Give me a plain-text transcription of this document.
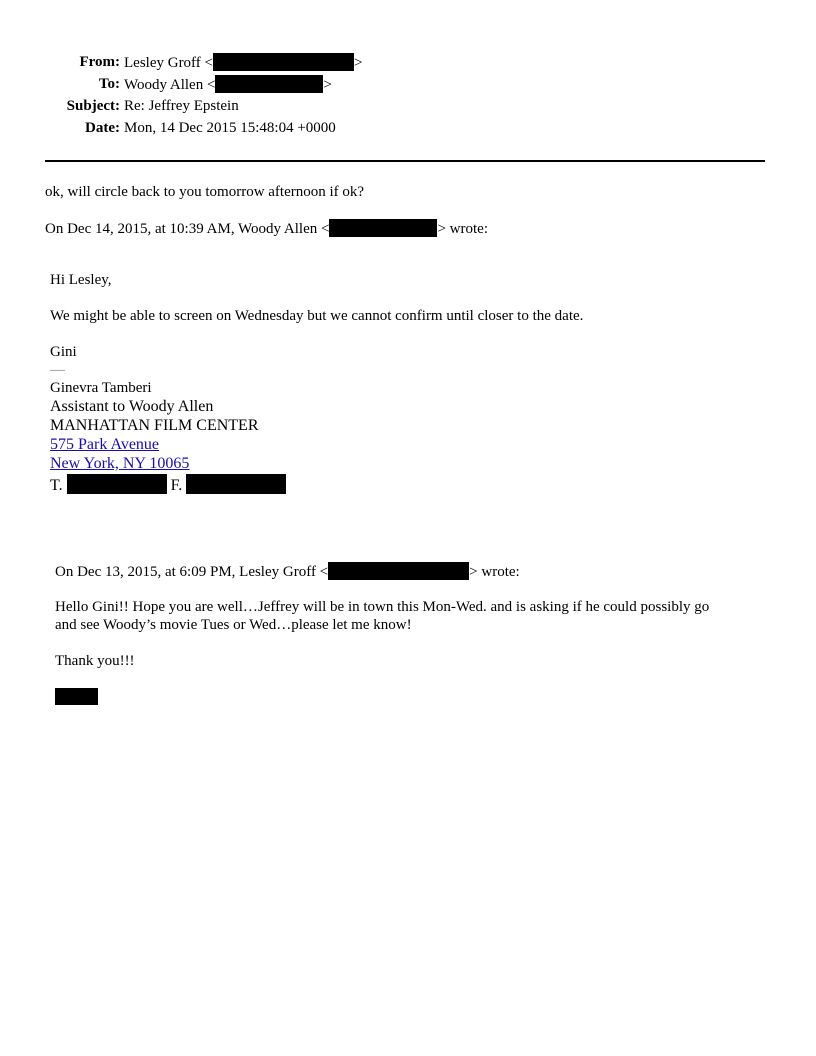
From: Lesley Groff <	>
To: Woody Allen <	>
Subject: Re: Jeffrey Epstein
Date: Mon, 14 Dec 2015 15:48:04 +0000
ok, will circle back to you tomorrow afternoon if ok?
On Dec 14, 2015, at 10:39 AM, Woody Allen <	> wrote:
Hi Lesley,
We might be able to screen on Wednesday but we cannot confirm until closer to the date.
Gini
—
Ginevra Tamberi
Assistant to Woody Allen
MANHATTAN FILM CENTER
575 Park Avenue
New York, NY 10065
T.	F.
On Dec 13, 2015, at 6:09 PM, Lesley Groff <	> wrote:
Hello Gini!! Hope you are well…Jeffrey will be in town this Mon-Wed. and is asking if he could possibly go
and see Woody’s movie Tues or Wed…please let me know!
Thank you!!!
